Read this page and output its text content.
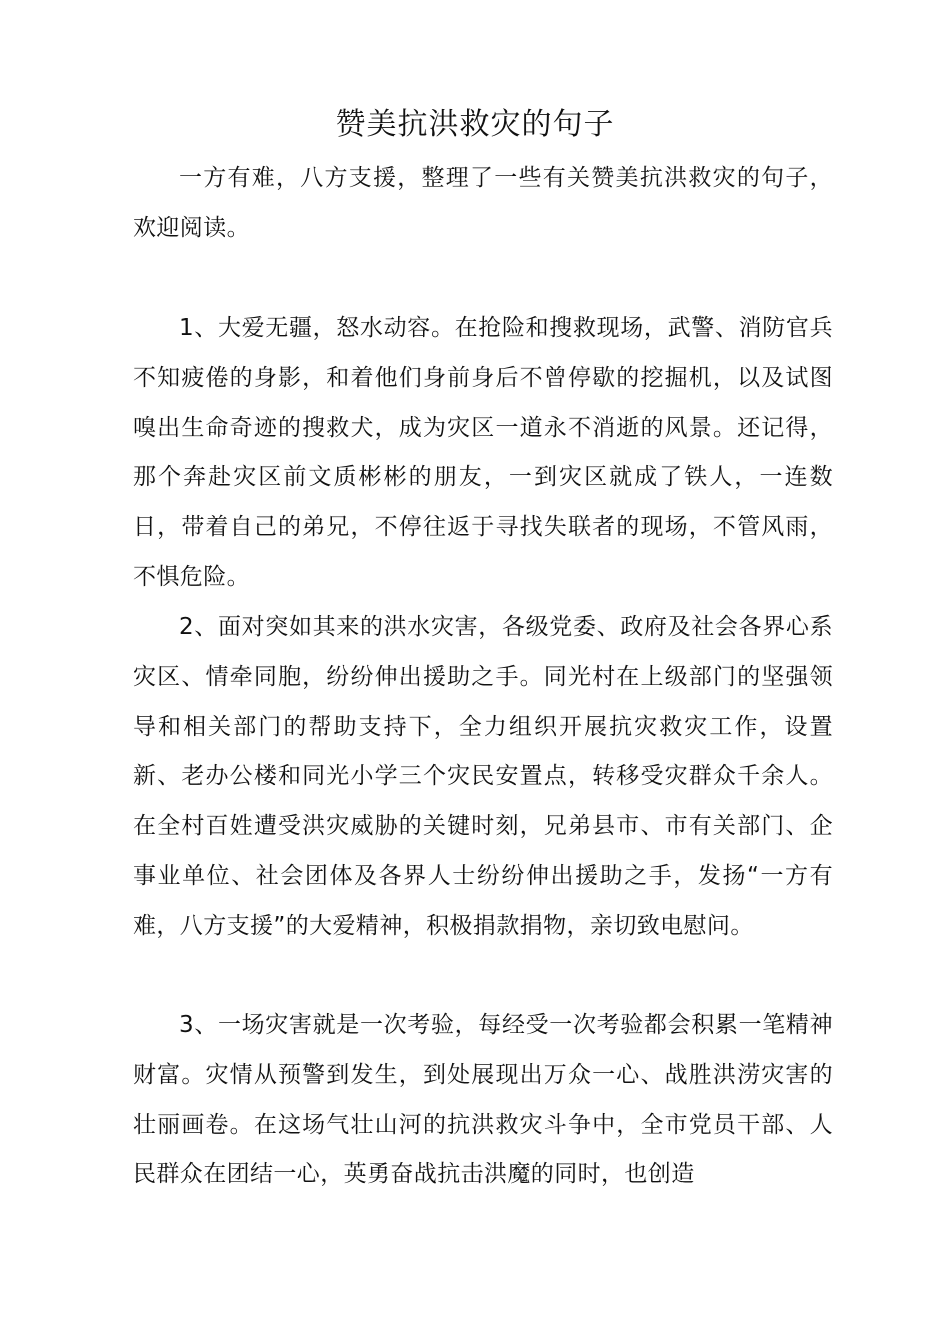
赞美抗洪救灾的句子

一方有难，八方支援，整理了一些有关赞美抗洪救灾的句子，欢迎阅读。

1、大爱无疆，怒水动容。在抢险和搜救现场，武警、消防官兵不知疲倦的身影，和着他们身前身后不曾停歇的挖掘机，以及试图嗅出生命奇迹的搜救犬，成为灾区一道永不消逝的风景。还记得，那个奔赴灾区前文质彬彬的朋友，一到灾区就成了铁人，一连数日，带着自己的弟兄，不停往返于寻找失联者的现场，不管风雨，不惧危险。

2、面对突如其来的洪水灾害，各级党委、政府及社会各界心系灾区、情牵同胞，纷纷伸出援助之手。同光村在上级部门的坚强领导和相关部门的帮助支持下，全力组织开展抗灾救灾工作，设置新、老办公楼和同光小学三个灾民安置点，转移受灾群众千余人。在全村百姓遭受洪灾威胁的关键时刻，兄弟县市、市有关部门、企事业单位、社会团体及各界人士纷纷伸出援助之手，发扬“一方有难，八方支援”的大爱精神，积极捐款捐物，亲切致电慰问。

3、一场灾害就是一次考验，每经受一次考验都会积累一笔精神财富。灾情从预警到发生，到处展现出万众一心、战胜洪涝灾害的壮丽画卷。在这场气壮山河的抗洪救灾斗争中，全市党员干部、人民群众在团结一心，英勇奋战抗击洪魔的同时，也创造
